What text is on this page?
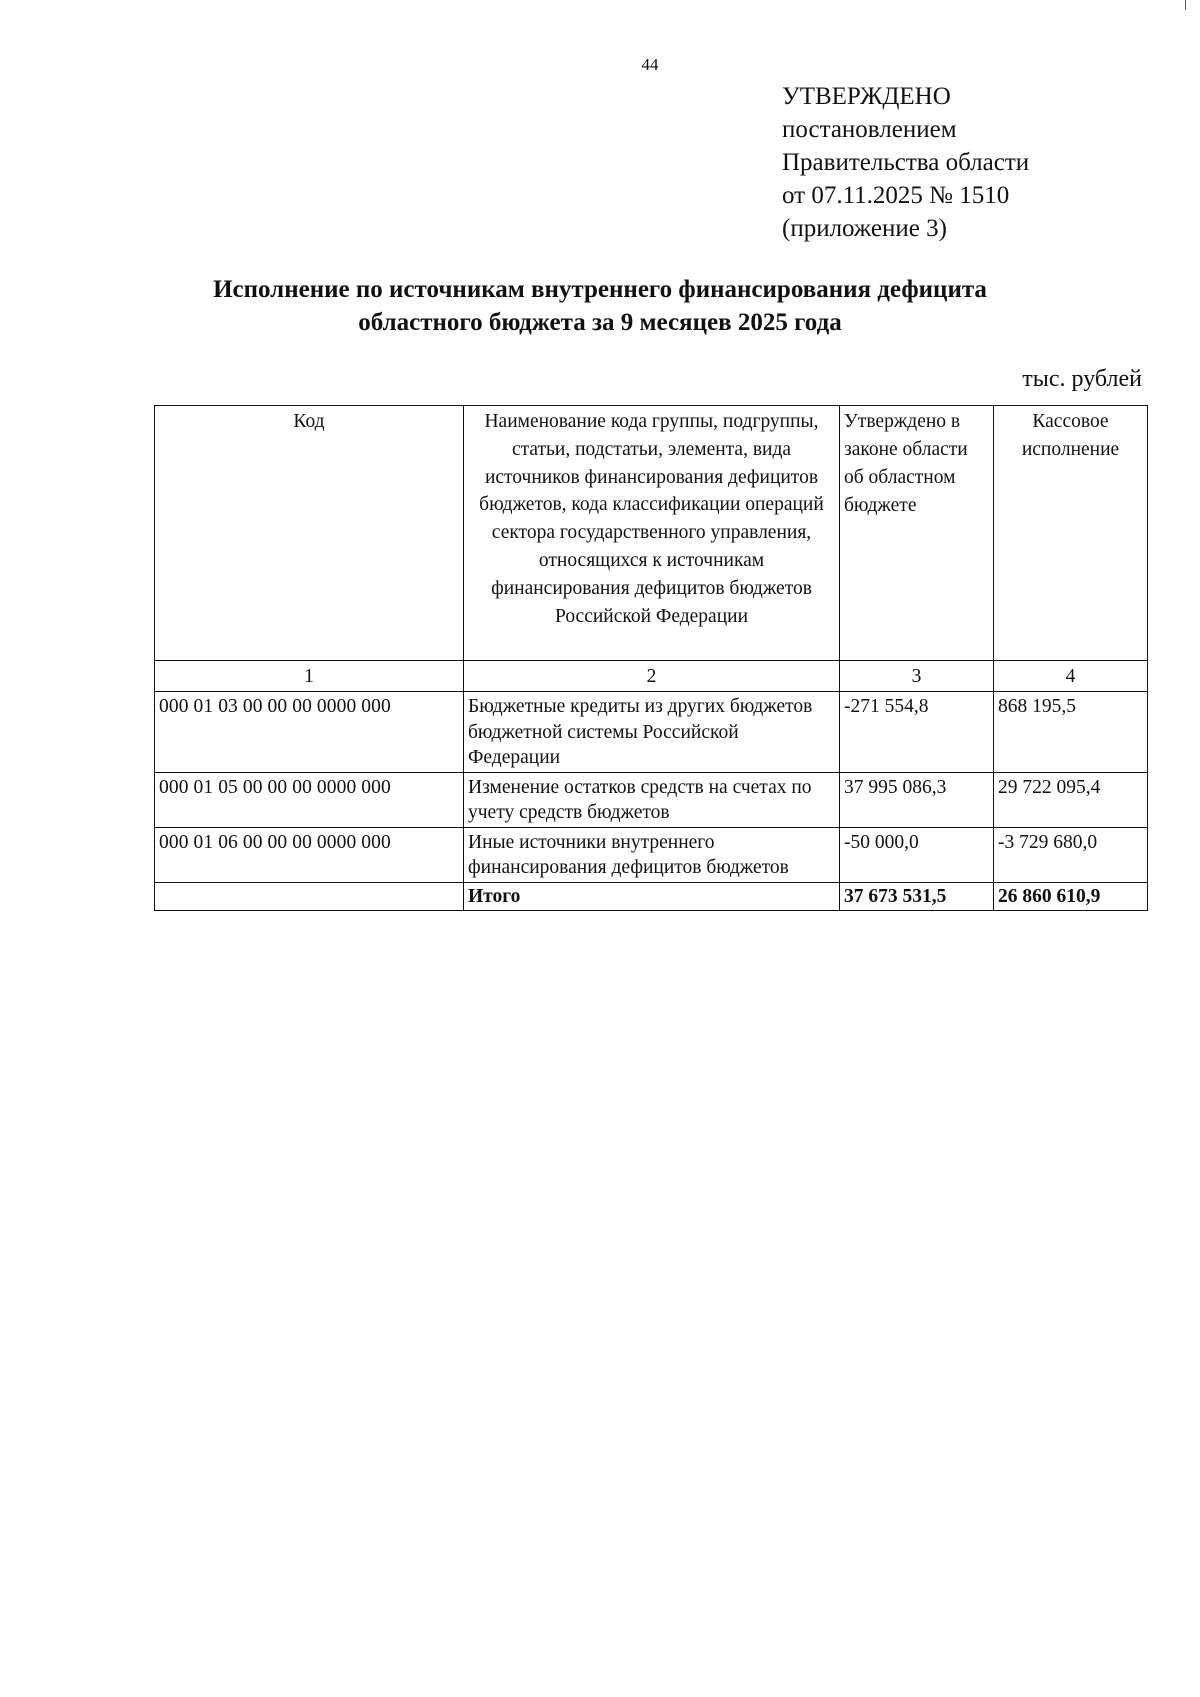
44
УТВЕРЖДЕНО
постановлением
Правительства области
от 07.11.2025 № 1510
(приложение 3)
Исполнение по источникам внутреннего финансирования дефицита
областного бюджета за 9 месяцев 2025 года
тыс. рублей
Код	Наименование кода группы, подгруппы, статьи, подстатьи, элемента, вида источников финансирования дефицитов бюджетов, кода классификации операций сектора государственного управления, относящихся к источникам финансирования дефицитов бюджетов Российской Федерации	Утверждено в законе области об областном бюджете	Кассовое исполнение
1	2	3	4
000 01 03 00 00 00 0000 000	Бюджетные кредиты из других бюджетов бюджетной системы Российской Федерации	-271 554,8	868 195,5
000 01 05 00 00 00 0000 000	Изменение остатков средств на счетах по учету средств бюджетов	37 995 086,3	29 722 095,4
000 01 06 00 00 00 0000 000	Иные источники внутреннего финансирования дефицитов бюджетов	-50 000,0	-3 729 680,0
	Итого	37 673 531,5	26 860 610,9
